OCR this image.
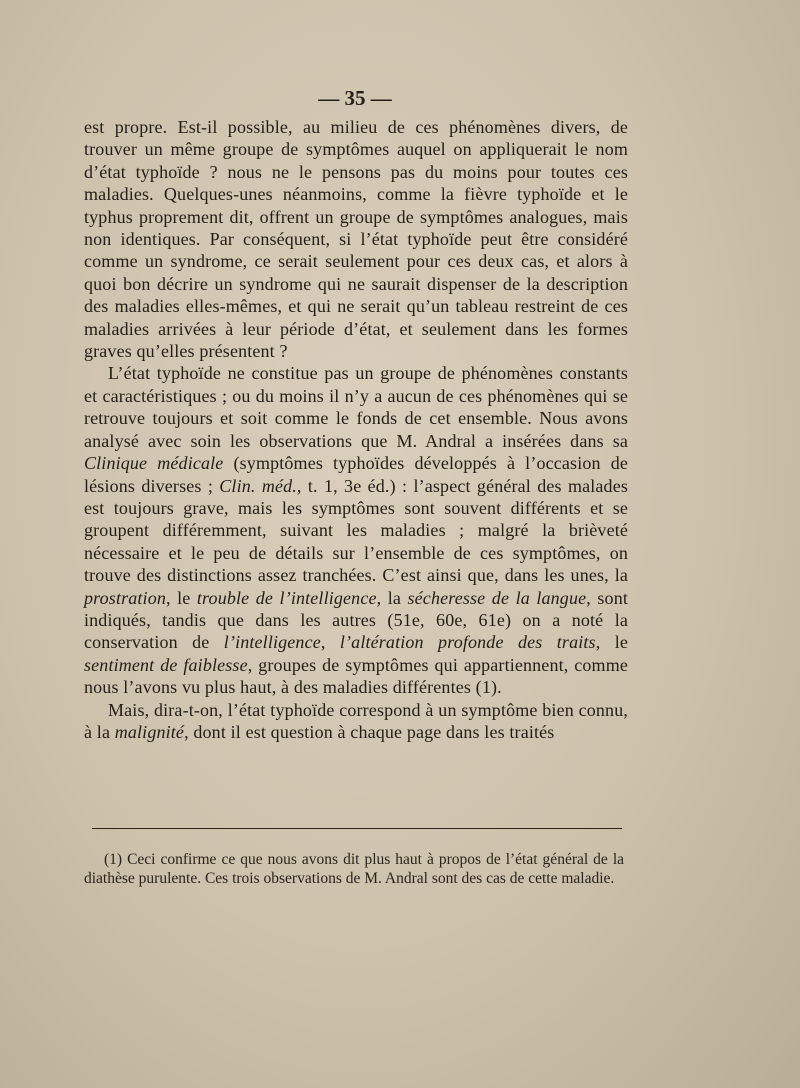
— 35 —

est propre. Est-il possible, au milieu de ces phénomènes divers, de trouver un même groupe de symptômes auquel on appliquerait le nom d’état typhoïde ? nous ne le pensons pas du moins pour toutes ces maladies. Quelques-unes néanmoins, comme la fièvre typhoïde et le typhus proprement dit, offrent un groupe de symptômes analogues, mais non identiques. Par conséquent, si l’état typhoïde peut être considéré comme un syndrome, ce serait seulement pour ces deux cas, et alors à quoi bon décrire un syndrome qui ne saurait dispenser de la description des maladies elles-mêmes, et qui ne serait qu’un tableau restreint de ces maladies arrivées à leur période d’état, et seulement dans les formes graves qu’elles présentent ?

L’état typhoïde ne constitue pas un groupe de phénomènes constants et caractéristiques ; ou du moins il n’y a aucun de ces phénomènes qui se retrouve toujours et soit comme le fonds de cet ensemble. Nous avons analysé avec soin les observations que M. Andral a insérées dans sa Clinique médicale (symptômes typhoïdes développés à l’occasion de lésions diverses ; Clin. méd., t. 1, 3e éd.) : l’aspect général des malades est toujours grave, mais les symptômes sont souvent différents et se groupent différemment, suivant les maladies ; malgré la brièveté nécessaire et le peu de détails sur l’ensemble de ces symptômes, on trouve des distinctions assez tranchées. C’est ainsi que, dans les unes, la prostration, le trouble de l’intelligence, la sécheresse de la langue, sont indiqués, tandis que dans les autres (51e, 60e, 61e) on a noté la conservation de l’intelligence, l’altération profonde des traits, le sentiment de faiblesse, groupes de symptômes qui appartiennent, comme nous l’avons vu plus haut, à des maladies différentes (1).

Mais, dira-t-on, l’état typhoïde correspond à un symptôme bien connu, à la malignité, dont il est question à chaque page dans les traités

(1) Ceci confirme ce que nous avons dit plus haut à propos de l’état général de la diathèse purulente. Ces trois observations de M. Andral sont des cas de cette maladie.
